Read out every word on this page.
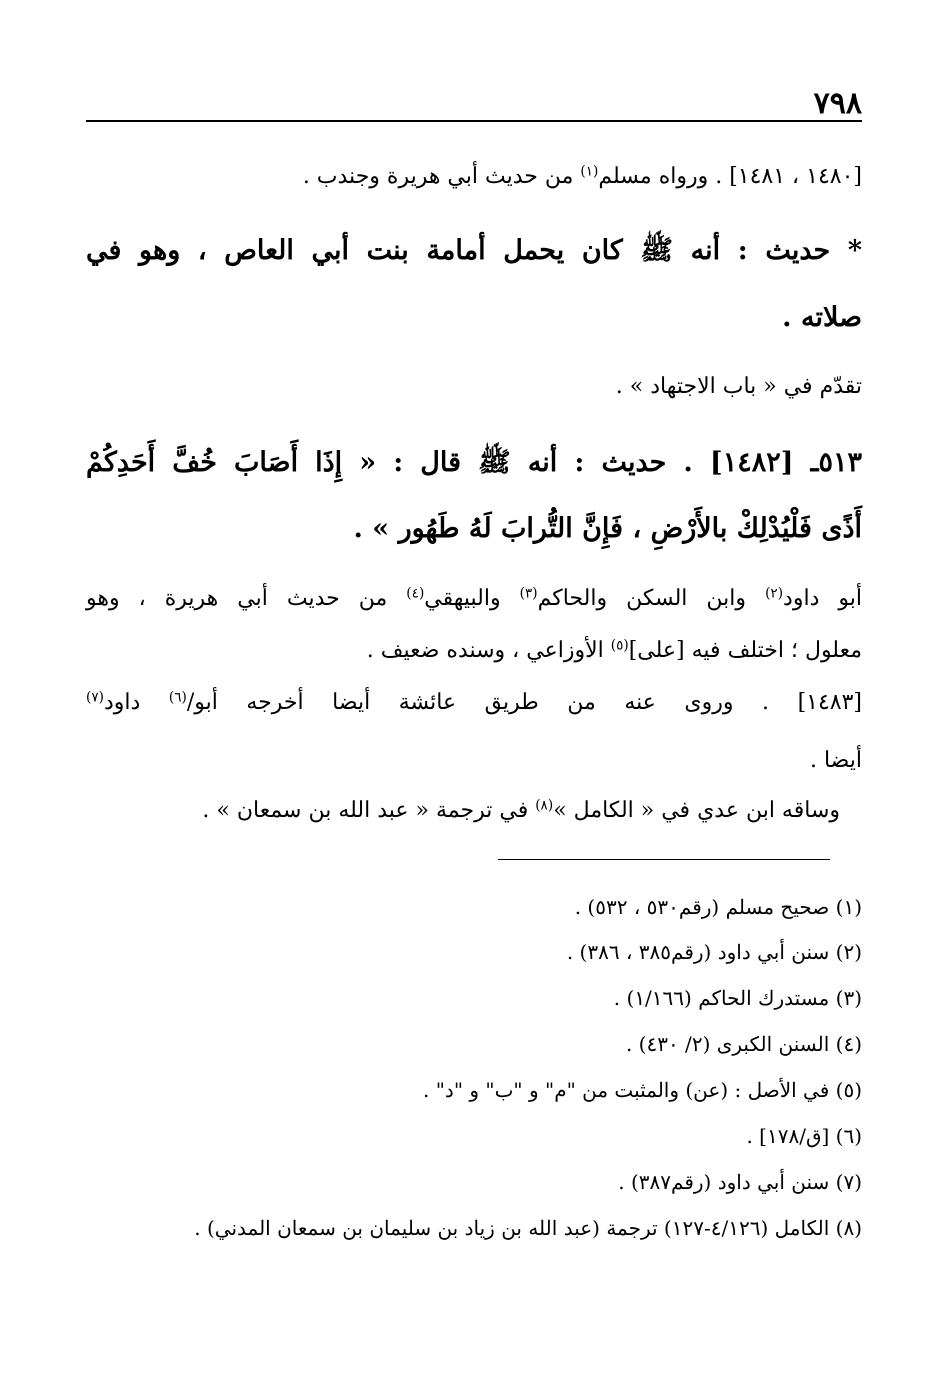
٧٩٨
[١٤٨٠ ، ١٤٨١] . ورواه مسلم$^{(١)}$ من حديث أبي هريرة وجندب .
* حديث : أنه ﷺ كان يحمل أمامة بنت أبي العاص ، وهو في
صلاته .
تقدّم في « باب الاجتهاد » .
٥١٣ـ [١٤٨٢] . حديث : أنه ﷺ قال : « إِذَا أَصَابَ خُفَّ أَحَدِكُمْ
أَذًى فَلْيُدْلِكْ بالأَرْضِ ، فَإِنَّ التُّرابَ لَهُ طَهُور » .
أبو داود$^{(٢)}$ وابن السكن والحاكم$^{(٣)}$ والبيهقي$^{(٤)}$ من حديث أبي هريرة ، وهو
معلول ؛ اختلف فيه [على]$^{(٥)}$ الأوزاعي ، وسنده ضعيف .
[١٤٨٣] . وروى عنه من طريق عائشة أيضا أخرجه أبو/$^{(٦)}$ داود$^{(٧)}$
أيضا .
وساقه ابن عدي في « الكامل »$^{(٨)}$ في ترجمة « عبد الله بن سمعان » .
(١) صحيح مسلم (رقم٥٣٠ ، ٥٣٢) .
(٢) سنن أبي داود (رقم٣٨٥ ، ٣٨٦) .
(٣) مستدرك الحاكم (١/١٦٦) .
(٤) السنن الكبرى (٢/ ٤٣٠) .
(٥) في الأصل : (عن) والمثبت من "م" و "ب" و "د" .
(٦) [ق/١٧٨] .
(٧) سنن أبي داود (رقم٣٨٧) .
(٨) الكامل (٤/١٢٦-١٢٧) ترجمة (عبد الله بن زياد بن سليمان بن سمعان المدني) .
